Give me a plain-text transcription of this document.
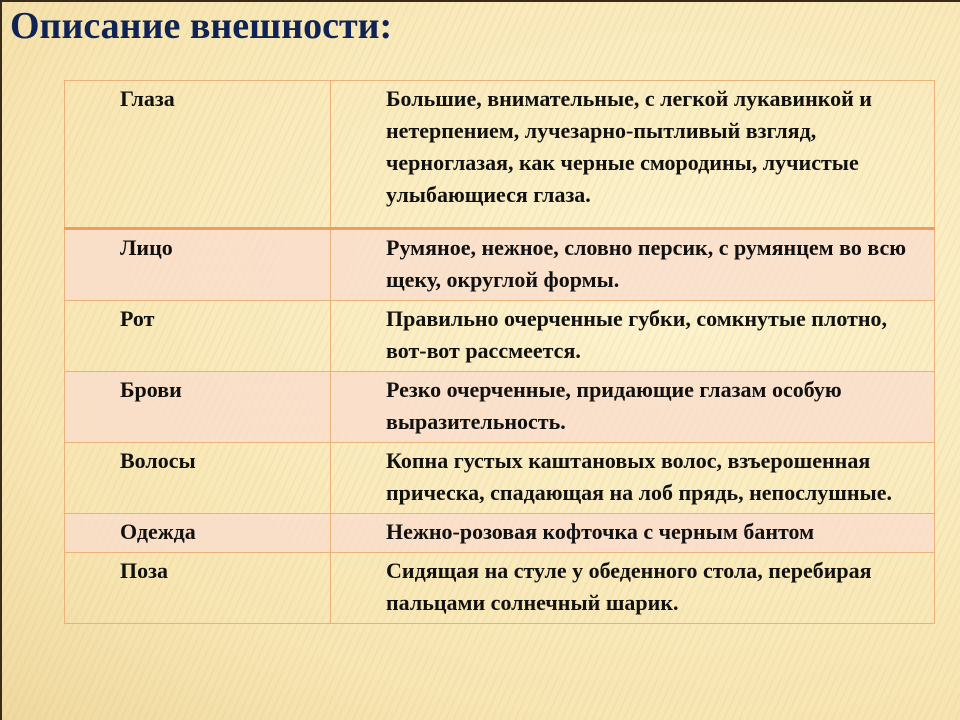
Описание внешности:
Глаза	Большие, внимательные, с легкой лукавинкой и нетерпением, лучезарно-пытливый взгляд, черноглазая, как черные смородины, лучистые улыбающиеся глаза.
Лицо	Румяное, нежное, словно персик, с румянцем во всю щеку, округлой формы.
Рот	Правильно очерченные губки, сомкнутые плотно, вот-вот рассмеется.
Брови	Резко очерченные, придающие глазам особую выразительность.
Волосы	Копна густых каштановых волос, взъерошенная прическа, спадающая на лоб прядь, непослушные.
Одежда	Нежно-розовая кофточка с черным бантом
Поза	Сидящая на стуле у обеденного стола, перебирая пальцами солнечный шарик.
